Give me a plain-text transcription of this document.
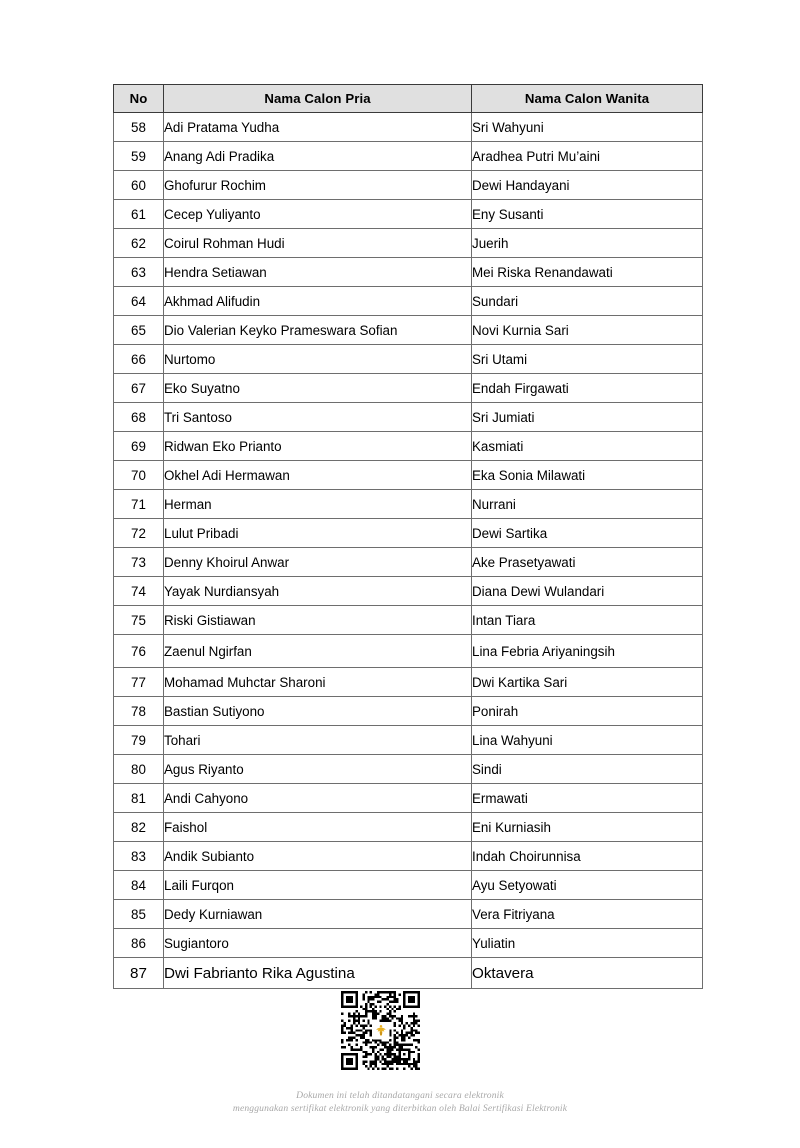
No	Nama Calon Pria	Nama Calon Wanita
58	Adi Pratama Yudha	Sri Wahyuni
59	Anang Adi Pradika	Aradhea Putri Mu’aini
60	Ghofurur Rochim	Dewi Handayani
61	Cecep Yuliyanto	Eny Susanti
62	Coirul Rohman Hudi	Juerih
63	Hendra Setiawan	Mei Riska Renandawati
64	Akhmad Alifudin	Sundari
65	Dio Valerian Keyko Prameswara Sofian	Novi Kurnia Sari
66	Nurtomo	Sri Utami
67	Eko Suyatno	Endah Firgawati
68	Tri Santoso	Sri Jumiati
69	Ridwan Eko Prianto	Kasmiati
70	Okhel Adi Hermawan	Eka Sonia Milawati
71	Herman	Nurrani
72	Lulut Pribadi	Dewi Sartika
73	Denny Khoirul Anwar	Ake Prasetyawati
74	Yayak Nurdiansyah	Diana Dewi Wulandari
75	Riski Gistiawan	Intan Tiara
76	Zaenul Ngirfan	Lina Febria Ariyaningsih
77	Mohamad Muhctar Sharoni	Dwi Kartika Sari
78	Bastian Sutiyono	Ponirah
79	Tohari	Lina Wahyuni
80	Agus Riyanto	Sindi
81	Andi Cahyono	Ermawati
82	Faishol	Eni Kurniasih
83	Andik Subianto	Indah Choirunnisa
84	Laili Furqon	Ayu Setyowati
85	Dedy Kurniawan	Vera Fitriyana
86	Sugiantoro	Yuliatin
87	Dwi Fabrianto Rika Agustina	Oktavera
Dokumen ini telah ditandatangani secara elektronik
menggunakan sertifikat elektronik yang diterbitkan oleh Balai Sertifikasi Elektronik
